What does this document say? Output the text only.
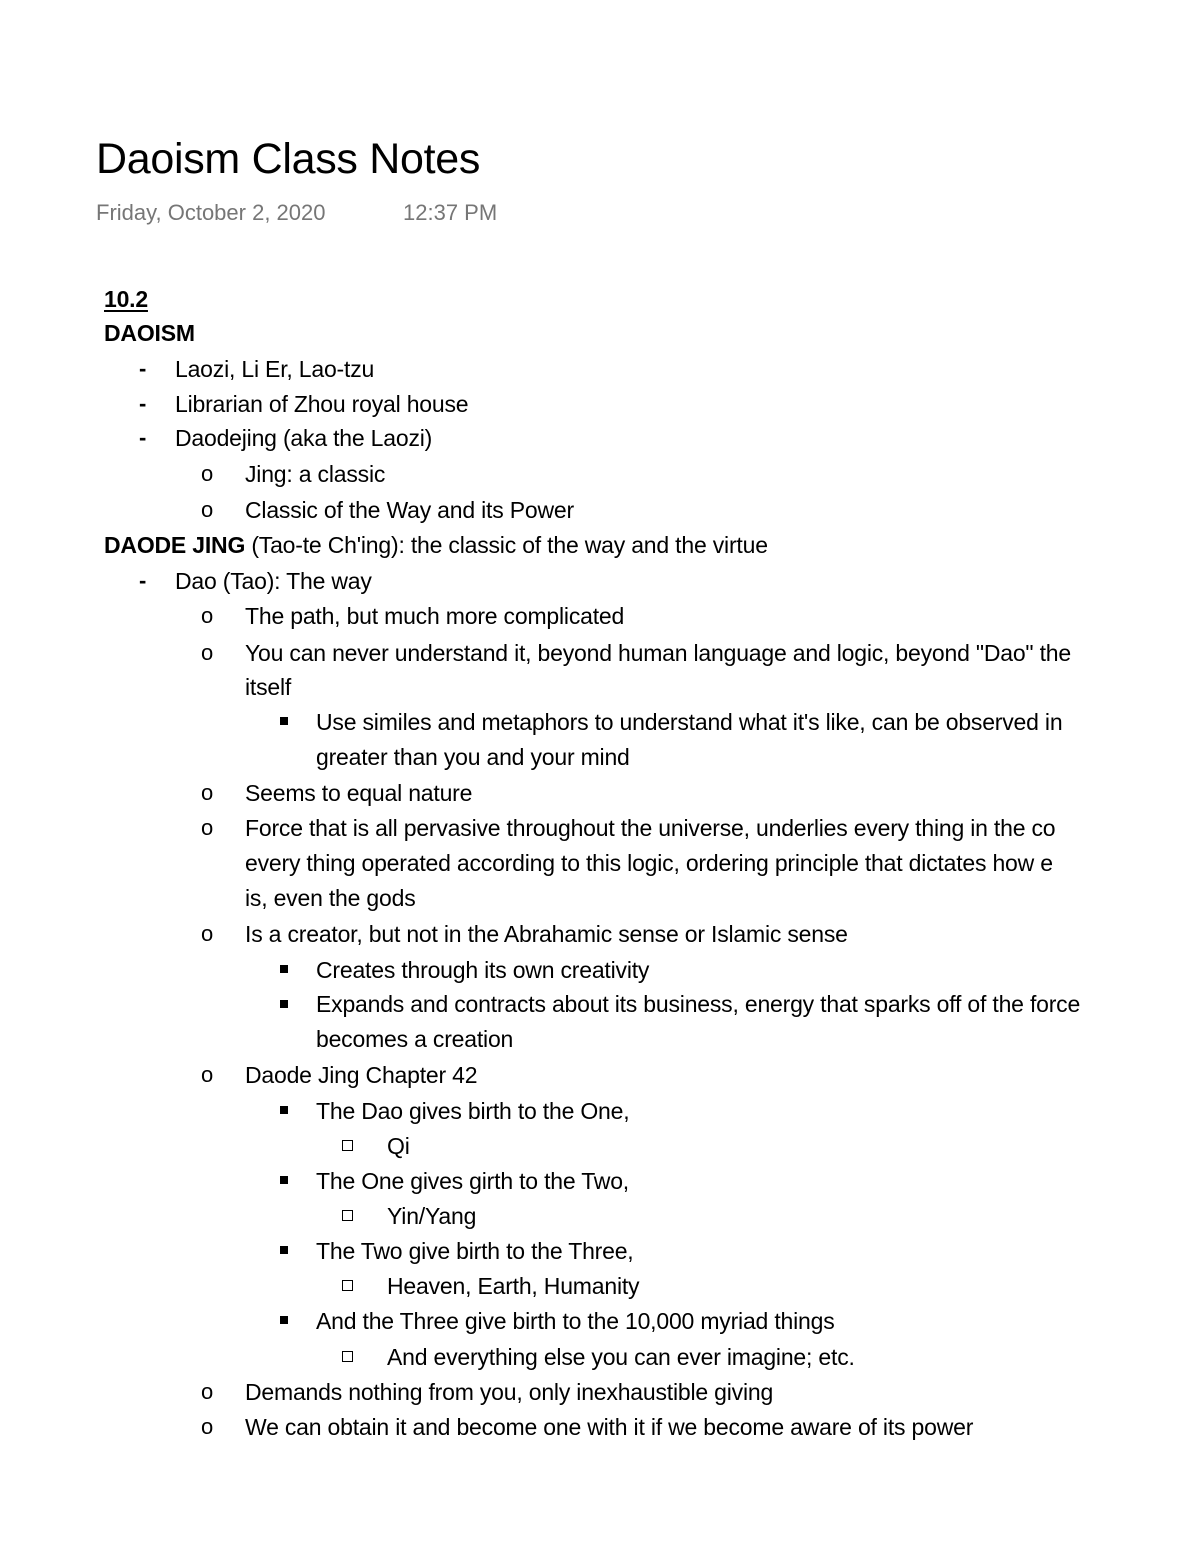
Daoism Class Notes
Friday, October 2, 2020	12:37 PM
10.2
DAOISM
- Laozi, Li Er, Lao-tzu
- Librarian of Zhou royal house
- Daodejing (aka the Laozi)
o Jing: a classic
o Classic of the Way and its Power
DAODE JING (Tao-te Ch'ing): the classic of the way and the virtue
- Dao (Tao): The way
o The path, but much more complicated
o You can never understand it, beyond human language and logic, beyond "Dao" the
itself
Use similes and metaphors to understand what it's like, can be observed in
greater than you and your mind
o Seems to equal nature
o Force that is all pervasive throughout the universe, underlies every thing in the co
every thing operated according to this logic, ordering principle that dictates how e
is, even the gods
o Is a creator, but not in the Abrahamic sense or Islamic sense
Creates through its own creativity
Expands and contracts about its business, energy that sparks off of the force
becomes a creation
o Daode Jing Chapter 42
The Dao gives birth to the One,
Qi
The One gives girth to the Two,
Yin/Yang
The Two give birth to the Three,
Heaven, Earth, Humanity
And the Three give birth to the 10,000 myriad things
And everything else you can ever imagine; etc.
o Demands nothing from you, only inexhaustible giving
o We can obtain it and become one with it if we become aware of its power
